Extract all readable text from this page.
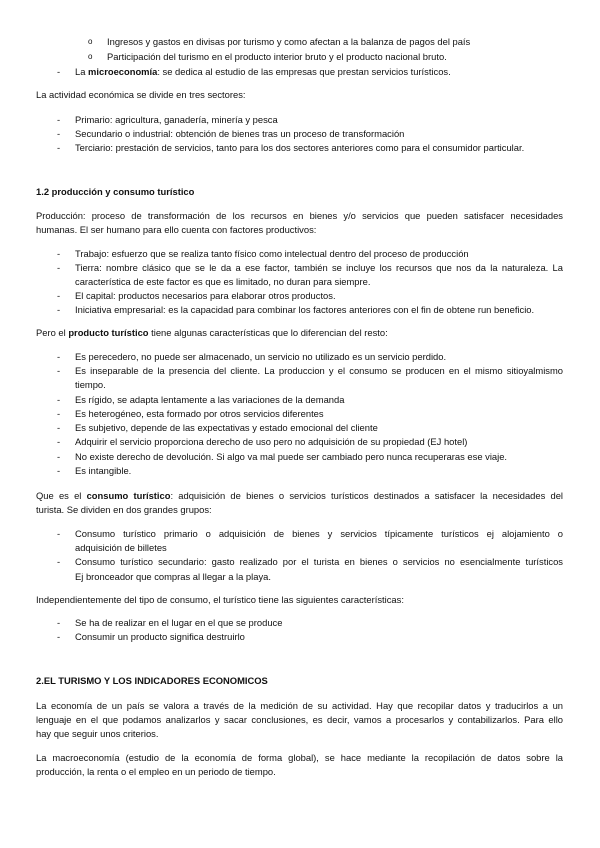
o Ingresos y gastos en divisas por turismo y como afectan a la balanza de pagos del país
o Participación del turismo en el producto interior bruto y el producto nacional bruto.
- La microeconomía: se dedica al estudio de las empresas que prestan servicios turísticos.
La actividad económica se divide en tres sectores:
- Primario: agricultura, ganadería, minería y pesca
- Secundario o industrial: obtención de bienes tras un proceso de transformación
- Terciario: prestación de servicios, tanto para los dos sectores anteriores como para el consumidor particular.
1.2 producción y consumo turístico
Producción: proceso de transformación de los recursos en bienes y/o servicios que pueden satisfacer necesidades
humanas. El ser humano para ello cuenta con factores productivos:
- Trabajo: esfuerzo que se realiza tanto físico como intelectual dentro del proceso de producción
- Tierra: nombre clásico que se le da a ese factor, también se incluye los recursos que nos da la naturaleza. La
característica de este factor es que es limitado, no duran para siempre.
- El capital: productos necesarios para elaborar otros productos.
- Iniciativa empresarial: es la capacidad para combinar los factores anteriores con el fin de obtene run beneficio.
Pero el producto turístico tiene algunas características que lo diferencian del resto:
- Es perecedero, no puede ser almacenado, un servicio no utilizado es un servicio perdido.
- Es inseparable de la presencia del cliente. La produccion y el consumo se producen en el mismo sitioyalmismo
tiempo.
- Es rígido, se adapta lentamente a las variaciones de la demanda
- Es heterogéneo, esta formado por otros servicios diferentes
- Es subjetivo, depende de las expectativas y estado emocional del cliente
- Adquirir el servicio proporciona derecho de uso pero no adquisición de su propiedad (EJ hotel)
- No existe derecho de devolución. Si algo va mal puede ser cambiado pero nunca recuperaras ese viaje.
- Es intangible.
Que es el consumo turístico: adquisición de bienes o servicios turísticos destinados a satisfacer la necesidades del
turista. Se dividen en dos grandes grupos:
- Consumo turístico primario o adquisición de bienes y servicios típicamente turísticos ej alojamiento o
adquisición de billetes
- Consumo turístico secundario: gasto realizado por el turista en bienes o servicios no esencialmente turísticos
Ej bronceador que compras al llegar a la playa.
Independientemente del tipo de consumo, el turístico tiene las siguientes características:
- Se ha de realizar en el lugar en el que se produce
- Consumir un producto significa destruirlo
2.EL TURISMO Y LOS INDICADORES ECONOMICOS
La economía de un país se valora a través de la medición de su actividad. Hay que recopilar datos y traducirlos a un
lenguaje en el que podamos analizarlos y sacar conclusiones, es decir, vamos a procesarlos y contabilizarlos. Para ello
hay que seguir unos criterios.
La macroeconomía (estudio de la economía de forma global), se hace mediante la recopilación de datos sobre la
producción, la renta o el empleo en un periodo de tiempo.
